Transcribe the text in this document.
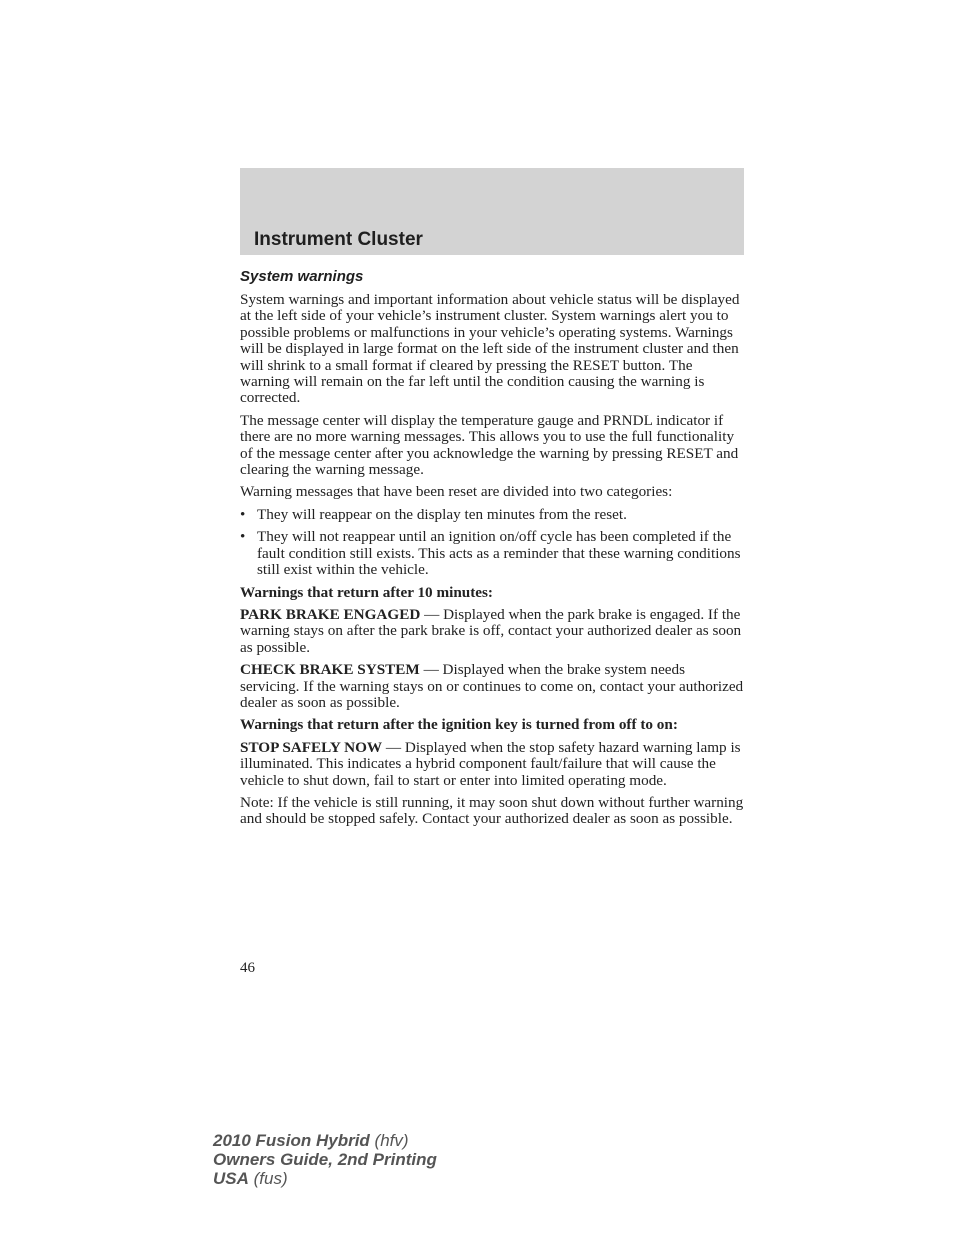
Instrument Cluster
System warnings

System warnings and important information about vehicle status will be displayed at the left side of your vehicle’s instrument cluster. System warnings alert you to possible problems or malfunctions in your vehicle’s operating systems. Warnings will be displayed in large format on the left side of the instrument cluster and then will shrink to a small format if cleared by pressing the RESET button. The warning will remain on the far left until the condition causing the warning is corrected.

The message center will display the temperature gauge and PRNDL indicator if there are no more warning messages. This allows you to use the full functionality of the message center after you acknowledge the warning by pressing RESET and clearing the warning message.

Warning messages that have been reset are divided into two categories:

• They will reappear on the display ten minutes from the reset.
• They will not reappear until an ignition on/off cycle has been completed if the fault condition still exists. This acts as a reminder that these warning conditions still exist within the vehicle.

Warnings that return after 10 minutes:

PARK BRAKE ENGAGED — Displayed when the park brake is engaged. If the warning stays on after the park brake is off, contact your authorized dealer as soon as possible.

CHECK BRAKE SYSTEM — Displayed when the brake system needs servicing. If the warning stays on or continues to come on, contact your authorized dealer as soon as possible.

Warnings that return after the ignition key is turned from off to on:

STOP SAFELY NOW — Displayed when the stop safety hazard warning lamp is illuminated. This indicates a hybrid component fault/failure that will cause the vehicle to shut down, fail to start or enter into limited operating mode.

Note: If the vehicle is still running, it may soon shut down without further warning and should be stopped safely. Contact your authorized dealer as soon as possible.

46
2010 Fusion Hybrid (hfv)
Owners Guide, 2nd Printing
USA (fus)
